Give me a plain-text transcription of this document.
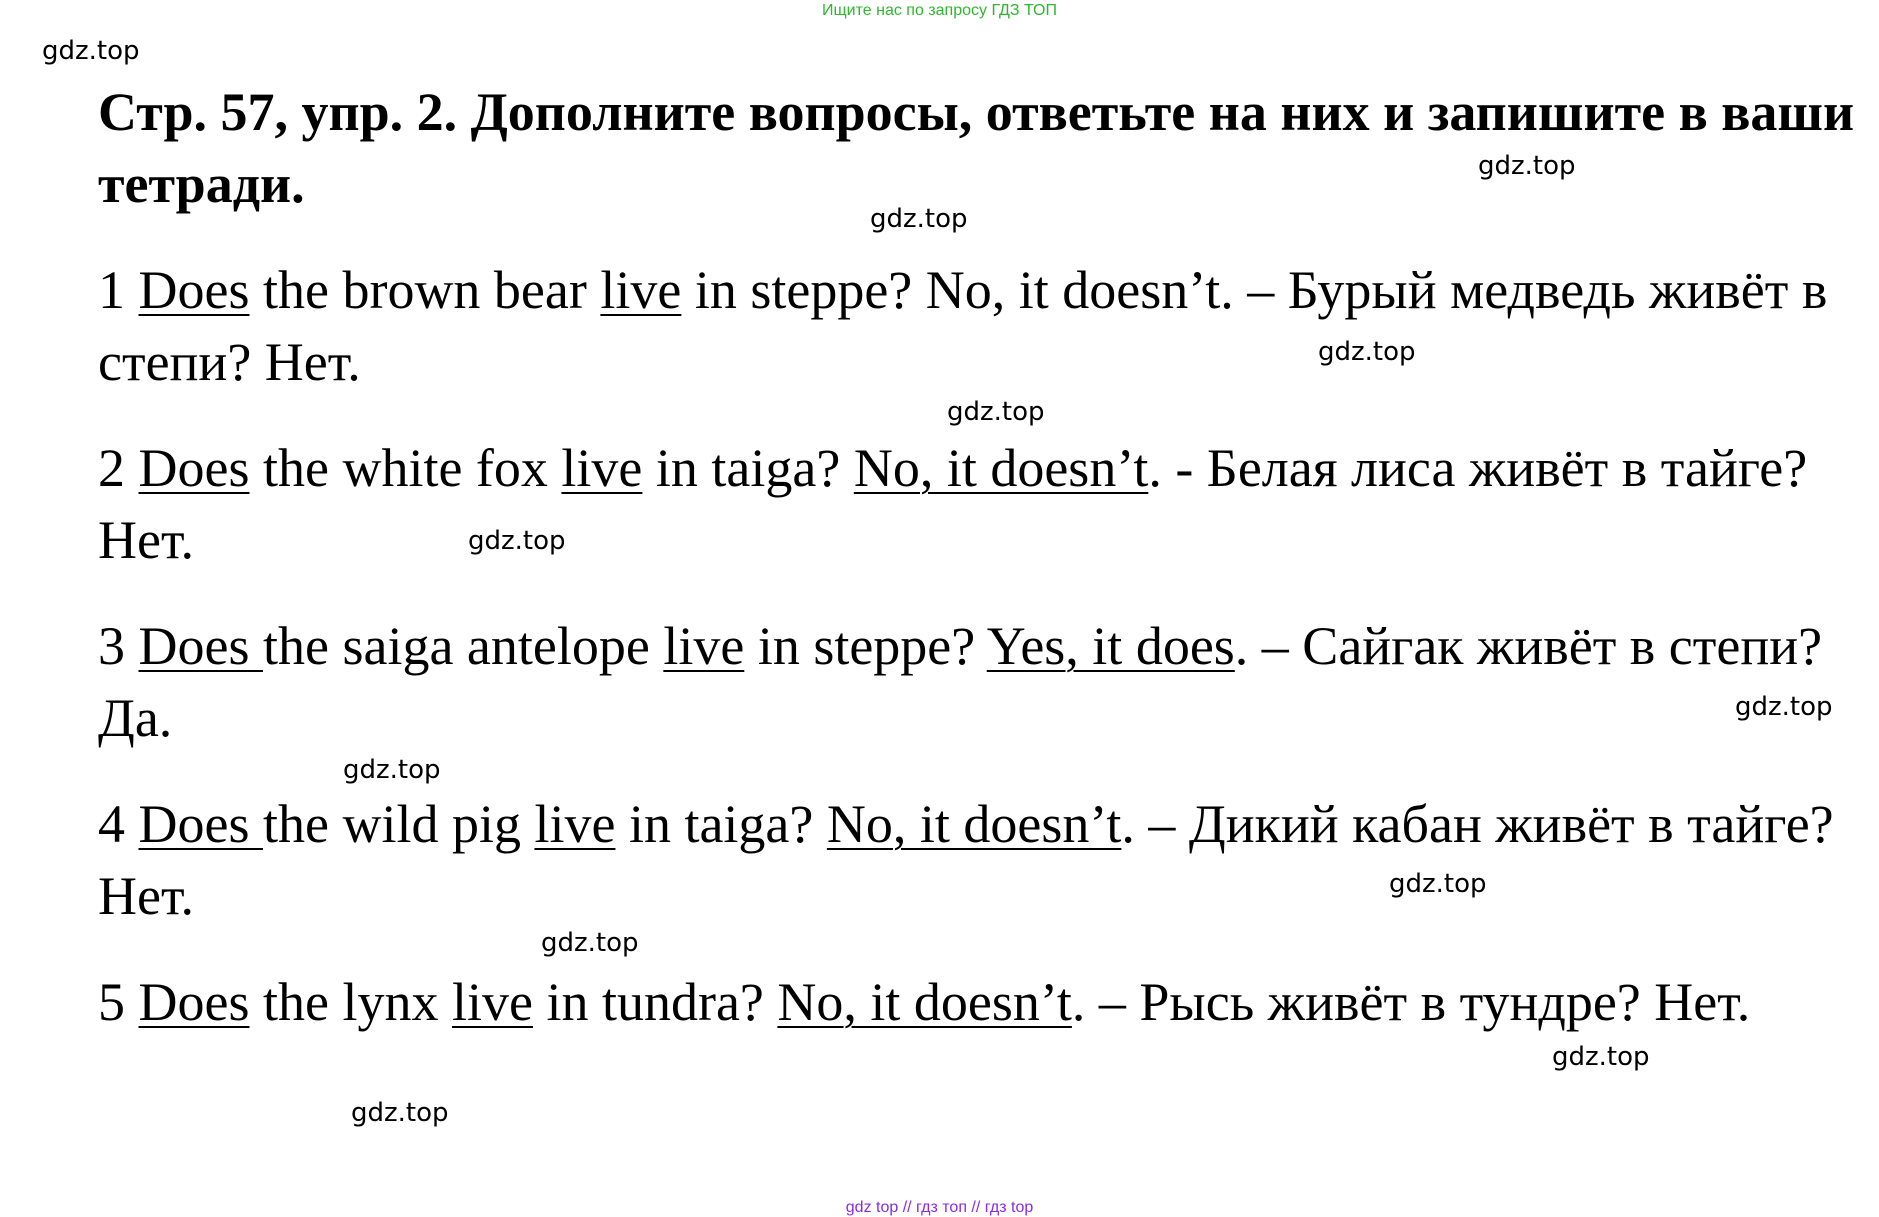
Ищите нас по запросу ГДЗ ТОП
gdz.top
gdz.top
gdz.top
gdz.top
gdz.top
gdz.top
gdz.top
gdz.top
gdz.top
gdz.top
gdz.top
gdz.top
Стр. 57, упр. 2. Дополните вопросы, ответьте на них и запишите в ваши тетради.

1 Does the brown bear live in steppe? No, it doesn’t. – Бурый медведь живёт в степи? Нет.

2 Does the white fox live in taiga? No, it doesn’t. - Белая лиса живёт в тайге? Нет.

3 Does the saiga antelope live in steppe? Yes, it does. – Сайгак живёт в степи? Да.

4 Does the wild pig live in taiga? No, it doesn’t. – Дикий кабан живёт в тайге? Нет.

5 Does the lynx live in tundra? No, it doesn’t. – Рысь живёт в тундре? Нет.

gdz top // гдз топ // гдз top
